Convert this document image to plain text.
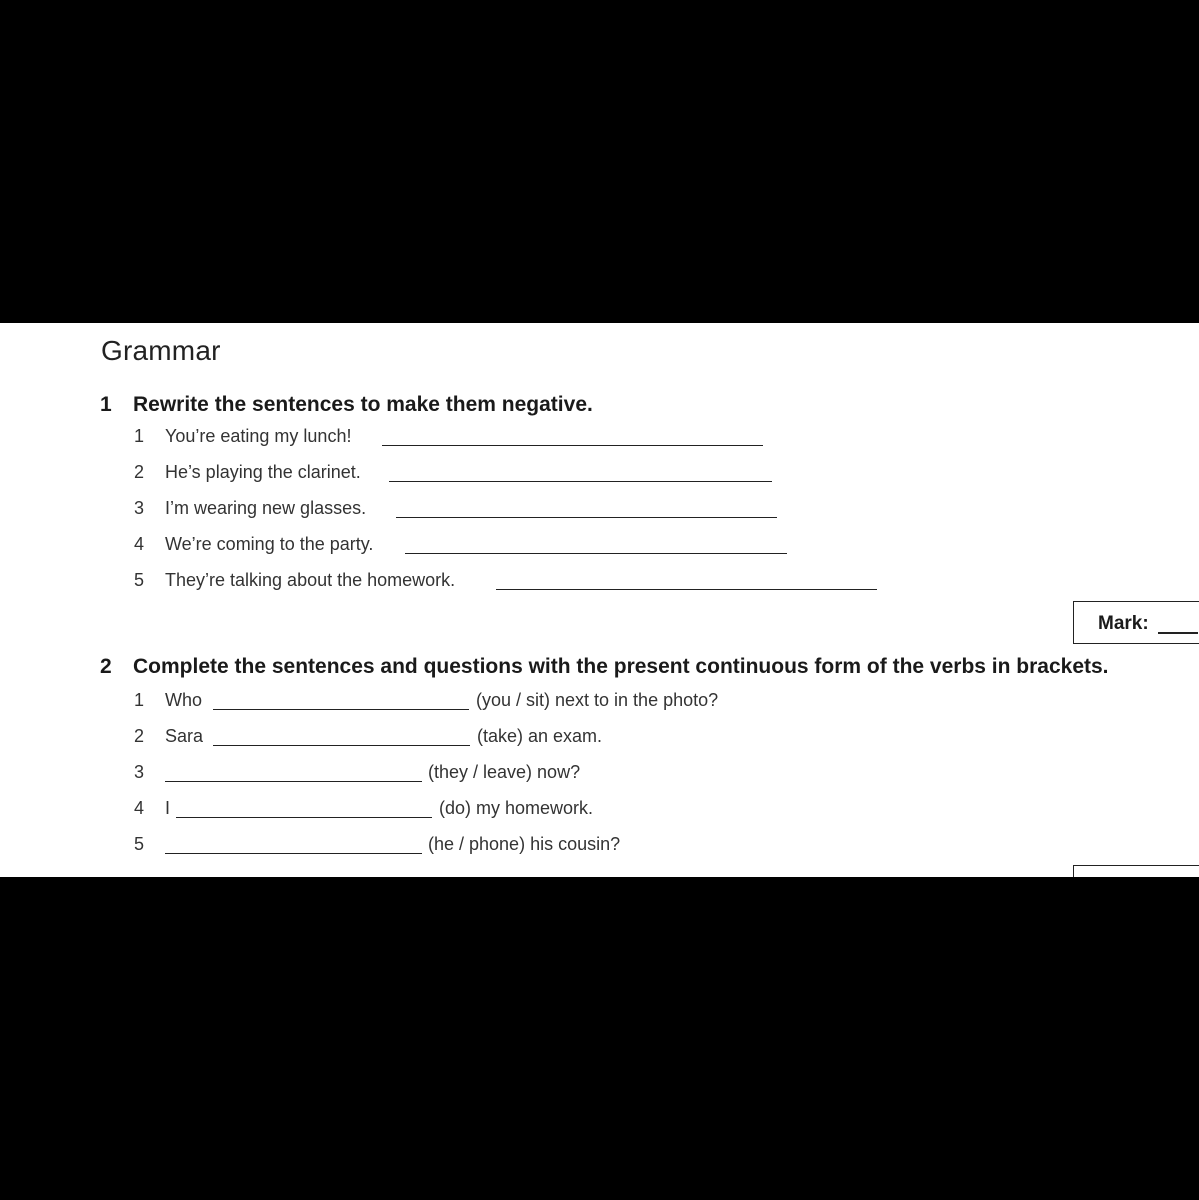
Grammar
1 Rewrite the sentences to make them negative.
1 You’re eating my lunch!
2 He’s playing the clarinet.
3 I’m wearing new glasses.
4 We’re coming to the party.
5 They’re talking about the homework.
Mark:
2 Complete the sentences and questions with the present continuous form of the verbs in brackets.
1 Who	(you / sit) next to in the photo?
2 Sara	(take) an exam.
3	(they / leave) now?
4 I	(do) my homework.
5	(he / phone) his cousin?
